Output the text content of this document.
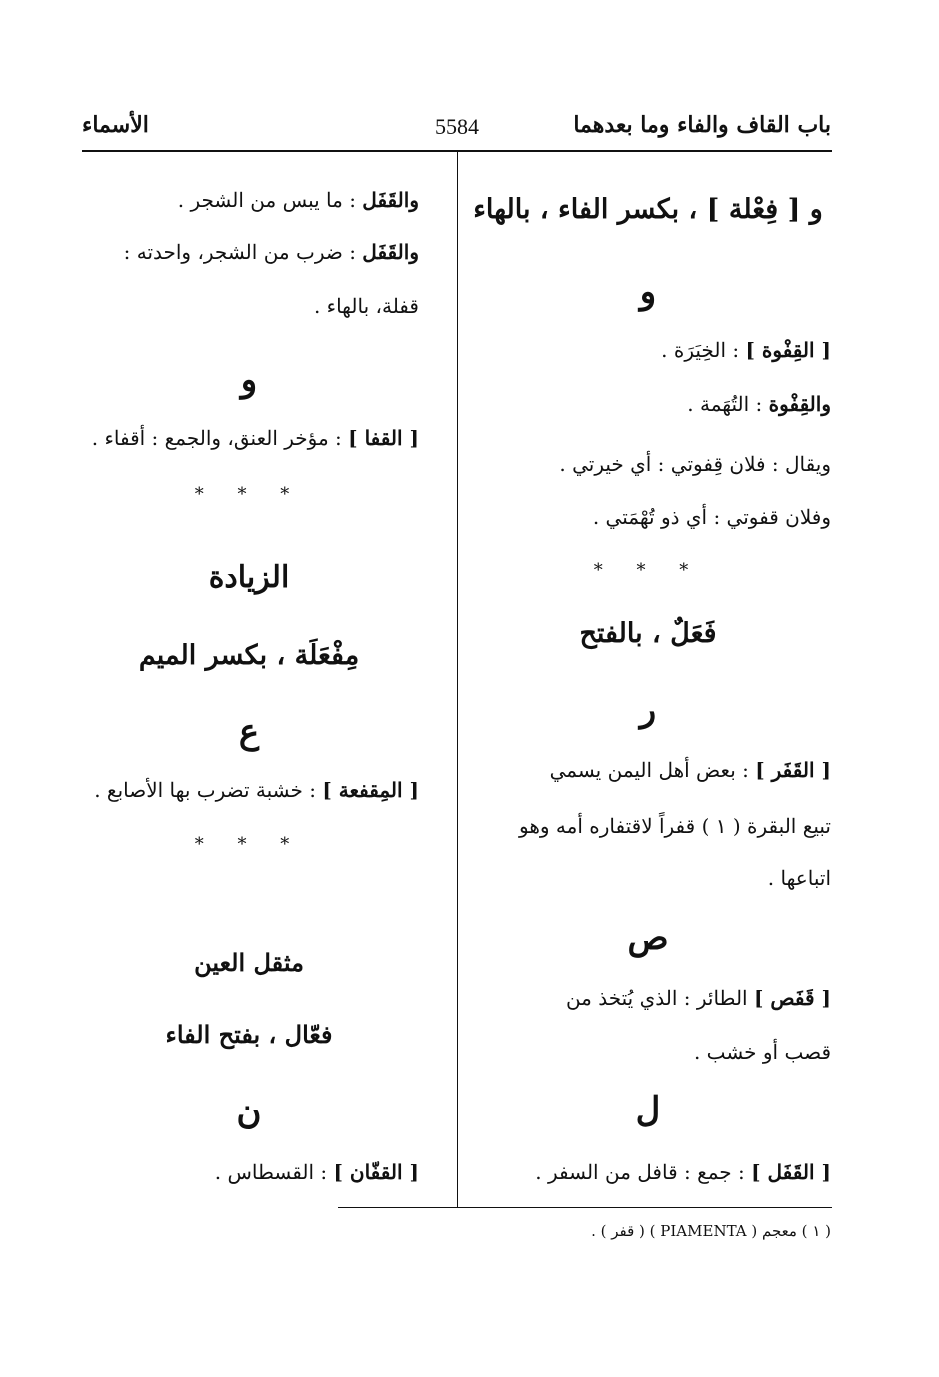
باب القاف والفاء وما بعدهما
5584
الأسماء
و [ فِعْلة ] ، بكسر الفاء ، بالهاء
و
[ القِفْوة ] : الخِيَرَة .
والقِفْوة : التُهَمة .
ويقال : فلان قِفوتي : أي خيرتي .
وفلان قفوتي : أي ذو تُهْمَتي .
* * *
فَعَلٌ ، بالفتح
ر
[ القَفَر ] : بعض أهل اليمن يسمي
تبيع البقرة ( ١ ) قفراً لاقتفاره أمه وهو
اتباعها .
ص
[ قَفَص ] الطائر : الذي يُتخذ من
قصب أو خشب .
ل
[ القَفَل ] : جمع : قافل من السفر .
والقَفَل : ما يبس من الشجر .
والقَفَل : ضرب من الشجر، واحدته :
قفلة، بالهاء .
و
[ القفا ] : مؤخر العنق، والجمع : أقفاء .
* * *
الزيادة
مِفْعَلَة ، بكسر الميم
ع
[ المِقفعة ] : خشبة تضرب بها الأصابع .
* * *
مثقل العين
فعّال ، بفتح الفاء
ن
[ القفّان ] : القسطاس .
( ١ ) معجم ( PIAMENTA ) ( قفر ) .
